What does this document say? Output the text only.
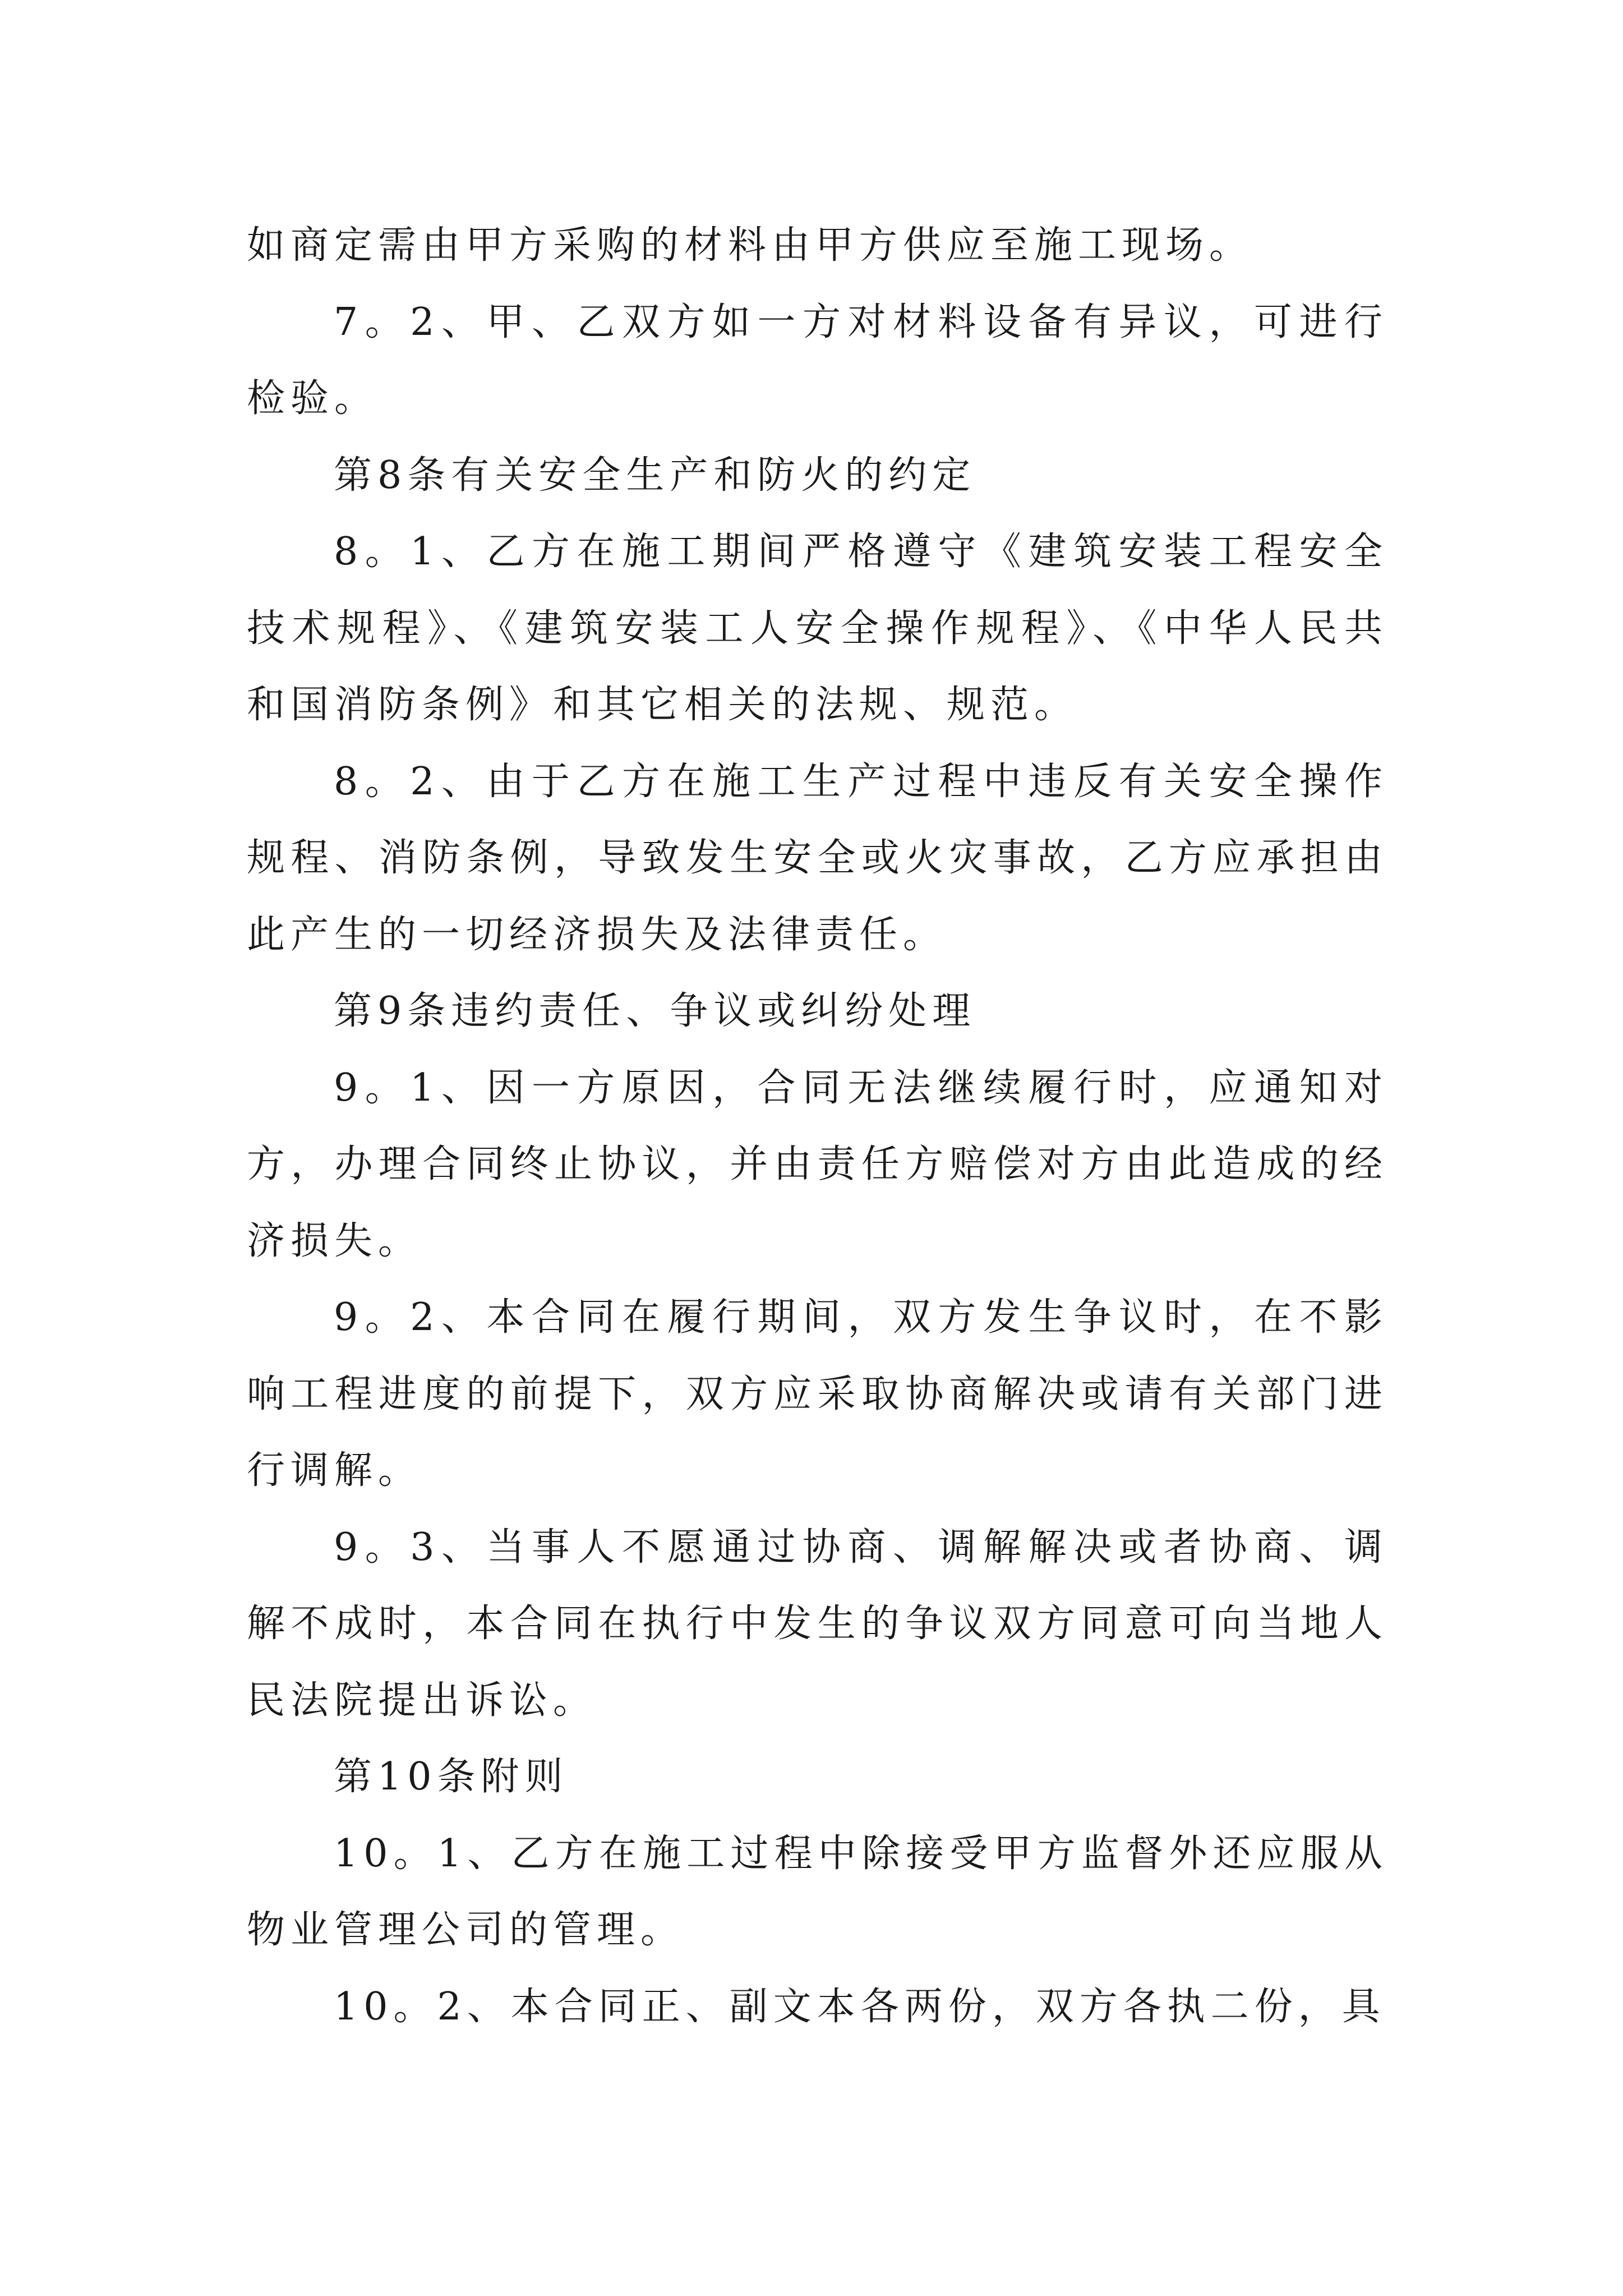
如商定需由甲方采购的材料由甲方供应至施工现场。

7。2、甲、乙双方如一方对材料设备有异议，可进行检验。

第8条有关安全生产和防火的约定

8。1、乙方在施工期间严格遵守《建筑安装工程安全技术规程》、《建筑安装工人安全操作规程》、《中华人民共和国消防条例》和其它相关的法规、规范。

8。2、由于乙方在施工生产过程中违反有关安全操作规程、消防条例，导致发生安全或火灾事故，乙方应承担由此产生的一切经济损失及法律责任。

第9条违约责任、争议或纠纷处理

9。1、因一方原因，合同无法继续履行时，应通知对方，办理合同终止协议，并由责任方赔偿对方由此造成的经济损失。

9。2、本合同在履行期间，双方发生争议时，在不影响工程进度的前提下，双方应采取协商解决或请有关部门进行调解。

9。3、当事人不愿通过协商、调解解决或者协商、调解不成时，本合同在执行中发生的争议双方同意可向当地人民法院提出诉讼。

第10条附则

10。1、乙方在施工过程中除接受甲方监督外还应服从物业管理公司的管理。

10。2、本合同正、副文本各两份，双方各执二份，具
